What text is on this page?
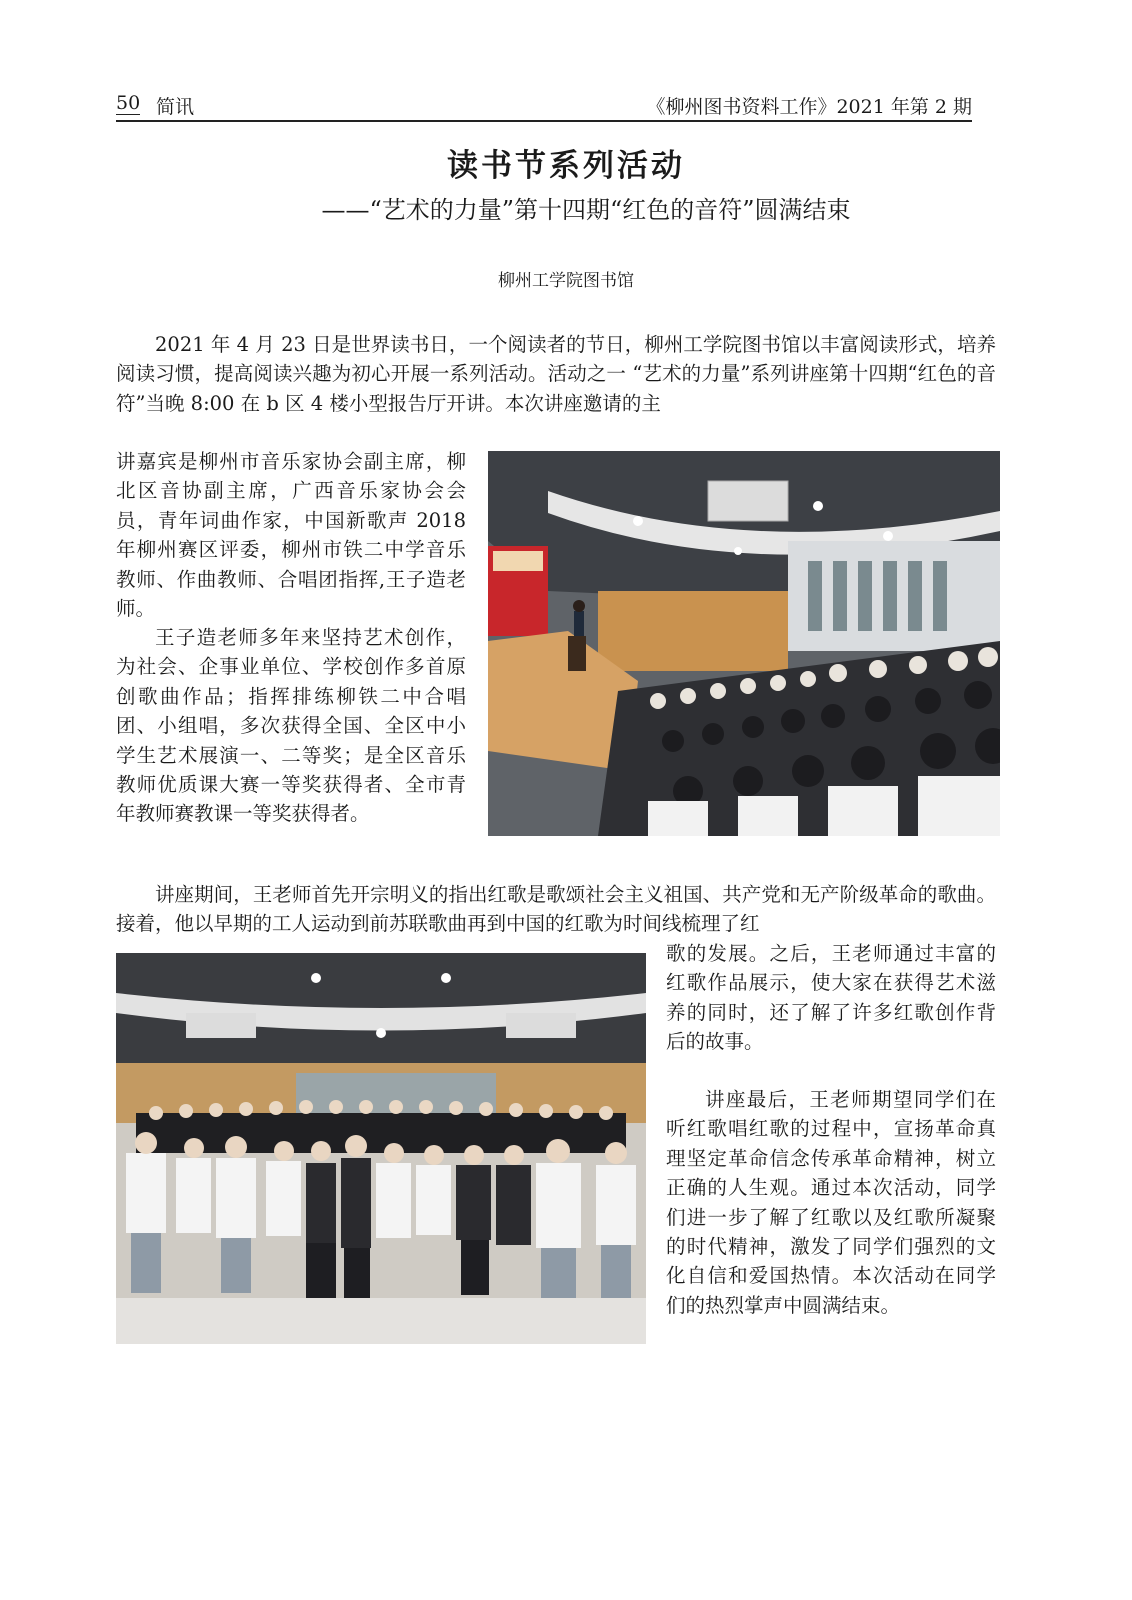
50 简讯	《柳州图书资料工作》2021 年第 2 期
读书节系列活动
——“艺术的力量”第十四期“红色的音符”圆满结束
柳州工学院图书馆

2021 年 4 月 23 日是世界读书日，一个阅读者的节日，柳州工学院图书馆以丰富阅读形式，培养阅读习惯，提高阅读兴趣为初心开展一系列活动。活动之一 “艺术的力量”系列讲座第十四期“红色的音符”当晚 8:00 在 b 区 4 楼小型报告厅开讲。本次讲座邀请的主

讲嘉宾是柳州市音乐家协会副主席，柳北区音协副主席，广西音乐家协会会员，青年词曲作家，中国新歌声 2018 年柳州赛区评委，柳州市铁二中学音乐教师、作曲教师、合唱团指挥,王子造老师。

王子造老师多年来坚持艺术创作，为社会、企事业单位、学校创作多首原创歌曲作品；指挥排练柳铁二中合唱团、小组唱，多次获得全国、全区中小学生艺术展演一、二等奖；是全区音乐教师优质课大赛一等奖获得者、全市青年教师赛教课一等奖获得者。

讲座期间，王老师首先开宗明义的指出红歌是歌颂社会主义祖国、共产党和无产阶级革命的歌曲。接着，他以早期的工人运动到前苏联歌曲再到中国的红歌为时间线梳理了红

歌的发展。之后，王老师通过丰富的红歌作品展示，使大家在获得艺术滋养的同时，还了解了许多红歌创作背后的故事。

讲座最后，王老师期望同学们在听红歌唱红歌的过程中，宣扬革命真理坚定革命信念传承革命精神，树立正确的人生观。通过本次活动，同学们进一步了解了红歌以及红歌所凝聚的时代精神，激发了同学们强烈的文化自信和爱国热情。本次活动在同学们的热烈掌声中圆满结束。
